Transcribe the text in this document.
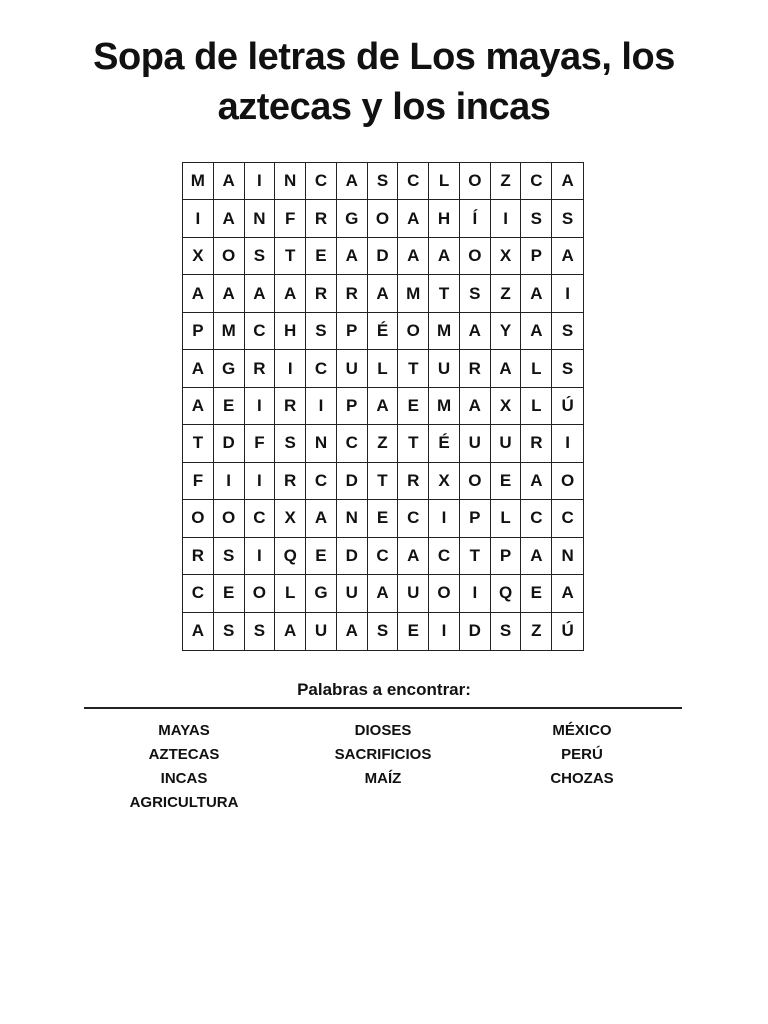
Sopa de letras de Los mayas, los
aztecas y los incas
M	A	I	N	C	A	S	C	L	O	Z	C	A
I	A	N	F	R	G	O	A	H	Í	I	S	S
X	O	S	T	E	A	D	A	A	O	X	P	A
A	A	A	A	R	R	A	M	T	S	Z	A	I
P	M	C	H	S	P	É	O	M	A	Y	A	S
A	G	R	I	C	U	L	T	U	R	A	L	S
A	E	I	R	I	P	A	E	M	A	X	L	Ú
T	D	F	S	N	C	Z	T	É	U	U	R	I
F	I	I	R	C	D	T	R	X	O	E	A	O
O	O	C	X	A	N	E	C	I	P	L	C	C
R	S	I	Q	E	D	C	A	C	T	P	A	N
C	E	O	L	G	U	A	U	O	I	Q	E	A
A	S	S	A	U	A	S	E	I	D	S	Z	Ú
Palabras a encontrar:
MAYAS
AZTECAS
INCAS
AGRICULTURA
DIOSES
SACRIFICIOS
MAÍZ
MÉXICO
PERÚ
CHOZAS
